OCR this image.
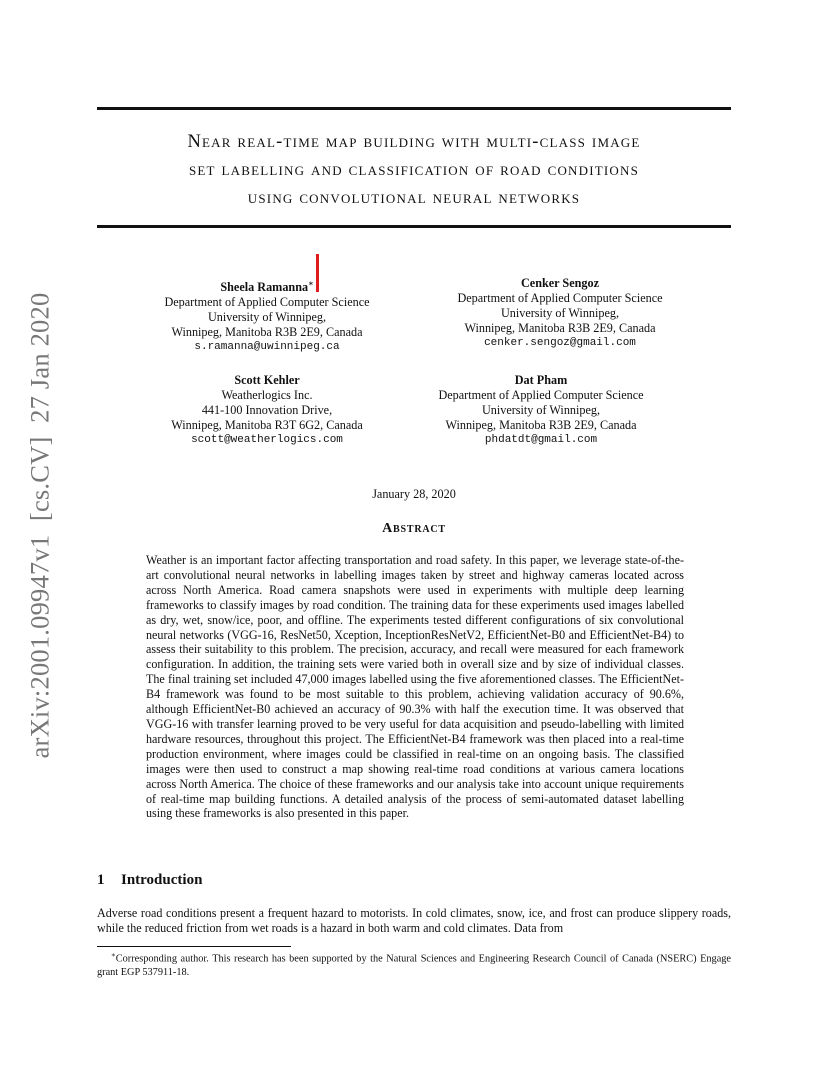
Near real-time map building with multi-class image
set labelling and classification of road conditions
using convolutional neural networks
Sheela Ramanna∗
Department of Applied Computer Science
University of Winnipeg,
Winnipeg, Manitoba R3B 2E9, Canada
s.ramanna@uwinnipeg.ca
Cenker Sengoz
Department of Applied Computer Science
University of Winnipeg,
Winnipeg, Manitoba R3B 2E9, Canada
cenker.sengoz@gmail.com
Scott Kehler
Weatherlogics Inc.
441-100 Innovation Drive,
Winnipeg, Manitoba R3T 6G2, Canada
scott@weatherlogics.com
Dat Pham
Department of Applied Computer Science
University of Winnipeg,
Winnipeg, Manitoba R3B 2E9, Canada
phdatdt@gmail.com
January 28, 2020
Abstract
Weather is an important factor affecting transportation and road safety. In this paper, we leverage state-of-the-art convolutional neural networks in labelling images taken by street and highway cameras located across across North America. Road camera snapshots were used in experiments with multiple deep learning frameworks to classify images by road condition. The training data for these experiments used images labelled as dry, wet, snow/ice, poor, and offline. The experiments tested different configurations of six convolutional neural networks (VGG-16, ResNet50, Xception, InceptionResNetV2, EfficientNet-B0 and EfficientNet-B4) to assess their suitability to this problem. The precision, accuracy, and recall were measured for each framework configuration. In addition, the training sets were varied both in overall size and by size of individual classes. The final training set included 47,000 images labelled using the five aforementioned classes. The EfficientNet-B4 framework was found to be most suitable to this problem, achieving validation accuracy of 90.6%, although EfficientNet-B0 achieved an accuracy of 90.3% with half the execution time. It was observed that VGG-16 with transfer learning proved to be very useful for data acquisition and pseudo-labelling with limited hardware resources, throughout this project. The EfficientNet-B4 framework was then placed into a real-time production environment, where images could be classified in real-time on an ongoing basis. The classified images were then used to construct a map showing real-time road conditions at various camera locations across North America. The choice of these frameworks and our analysis take into account unique requirements of real-time map building functions. A detailed analysis of the process of semi-automated dataset labelling using these frameworks is also presented in this paper.
1 Introduction
Adverse road conditions present a frequent hazard to motorists. In cold climates, snow, ice, and frost can produce slippery roads, while the reduced friction from wet roads is a hazard in both warm and cold climates. Data from
∗Corresponding author. This research has been supported by the Natural Sciences and Engineering Research Council of Canada (NSERC) Engage grant EGP 537911-18.
arXiv:2001.09947v1  [cs.CV]  27 Jan 2020
